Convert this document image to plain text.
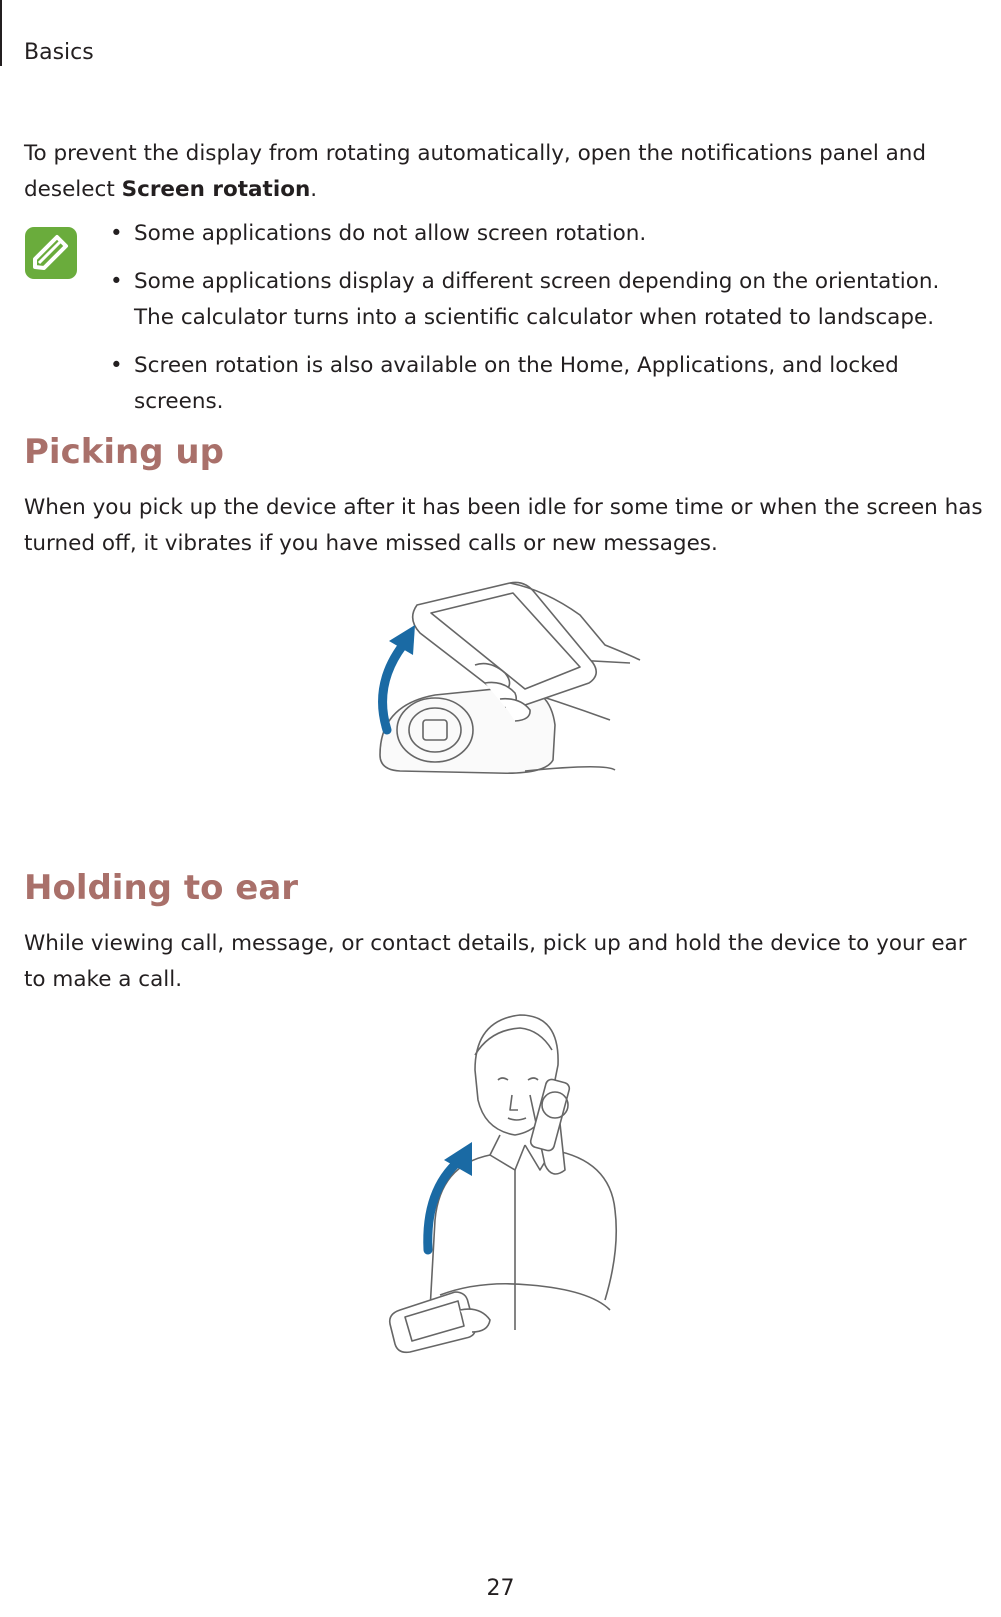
Basics

To prevent the display from rotating automatically, open the notifications panel and deselect Screen rotation.

• Some applications do not allow screen rotation.
• Some applications display a different screen depending on the orientation. The calculator turns into a scientific calculator when rotated to landscape.
• Screen rotation is also available on the Home, Applications, and locked screens.
Picking up

When you pick up the device after it has been idle for some time or when the screen has turned off, it vibrates if you have missed calls or new messages.

Holding to ear

While viewing call, message, or contact details, pick up and hold the device to your ear to make a call.

27
